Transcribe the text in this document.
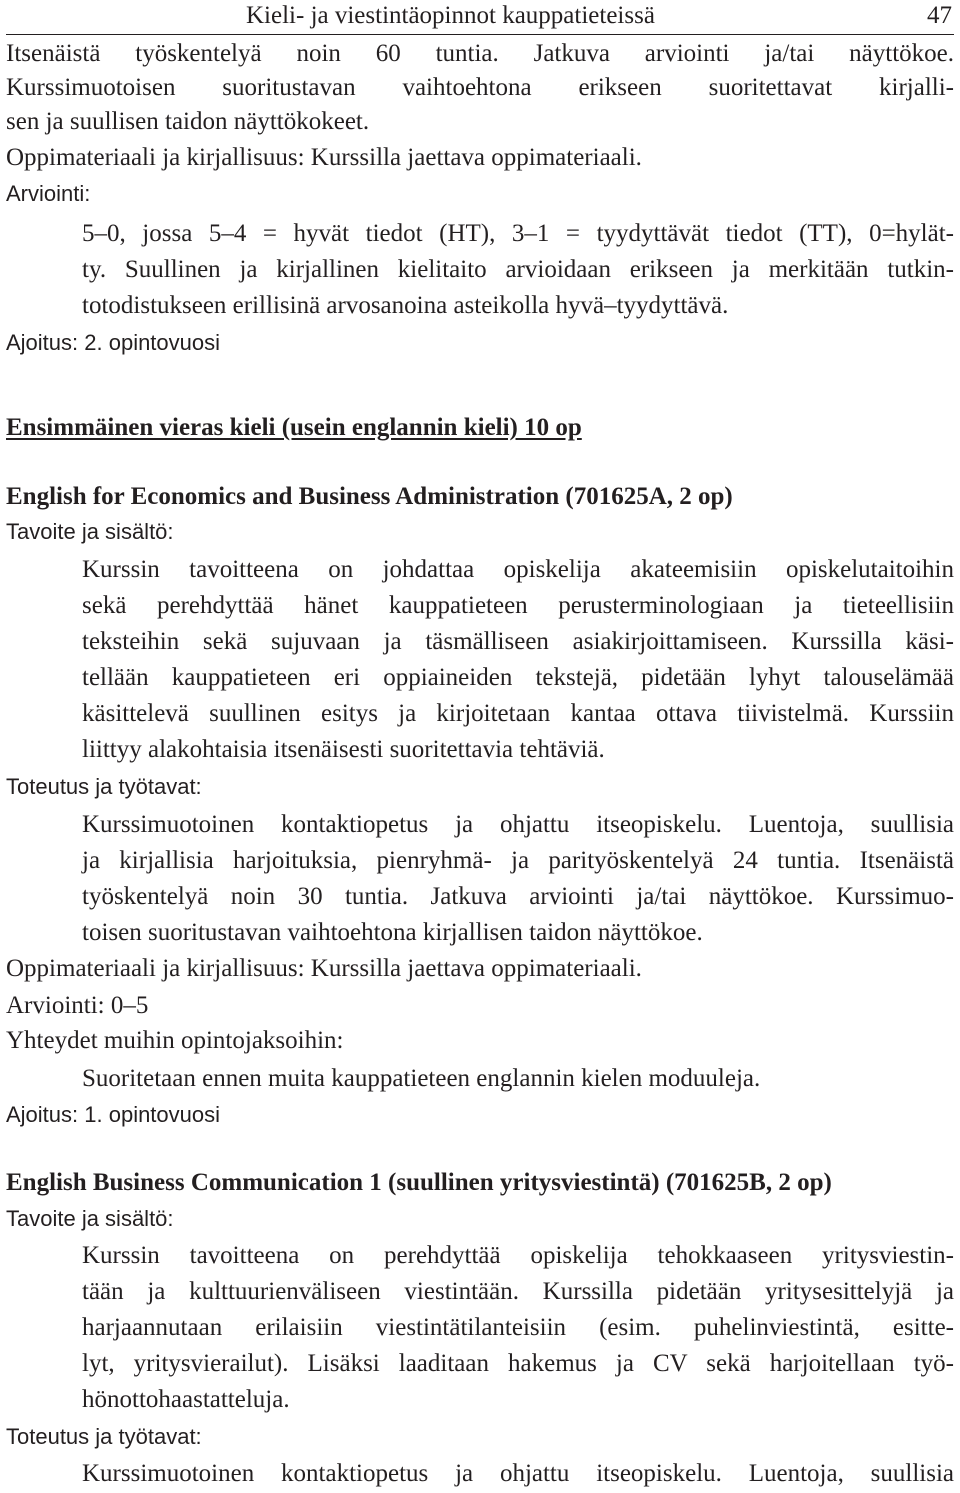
Kieli- ja viestintäopinnot kauppatieteissä	47
Itsenäistä työskentelyä noin 60 tuntia. Jatkuva arviointi ja/tai näyttökoe.
Kurssimuotoisen suoritustavan vaihtoehtona erikseen suoritettavat kirjalli-
sen ja suullisen taidon näyttökokeet.
Oppimateriaali ja kirjallisuus: Kurssilla jaettava oppimateriaali.
Arviointi:
5–0, jossa 5–4 = hyvät tiedot (HT), 3–1 = tyydyttävät tiedot (TT), 0=hylät-
ty. Suullinen ja kirjallinen kielitaito arvioidaan erikseen ja merkitään tutkin-
totodistukseen erillisinä arvosanoina asteikolla hyvä–tyydyttävä.
Ajoitus: 2. opintovuosi
Ensimmäinen vieras kieli (usein englannin kieli) 10 op
English for Economics and Business Administration (701625A, 2 op)
Tavoite ja sisältö:
Kurssin tavoitteena on johdattaa opiskelija akateemisiin opiskelutaitoihin
sekä perehdyttää hänet kauppatieteen perusterminologiaan ja tieteellisiin
teksteihin sekä sujuvaan ja täsmälliseen asiakirjoittamiseen. Kurssilla käsi-
tellään kauppatieteen eri oppiaineiden tekstejä, pidetään lyhyt talouselämää
käsittelevä suullinen esitys ja kirjoitetaan kantaa ottava tiivistelmä. Kurssiin
liittyy alakohtaisia itsenäisesti suoritettavia tehtäviä.
Toteutus ja työtavat:
Kurssimuotoinen kontaktiopetus ja ohjattu itseopiskelu. Luentoja, suullisia
ja kirjallisia harjoituksia, pienryhmä- ja parityöskentelyä 24 tuntia. Itsenäistä
työskentelyä noin 30 tuntia. Jatkuva arviointi ja/tai näyttökoe. Kurssimuo-
toisen suoritustavan vaihtoehtona kirjallisen taidon näyttökoe.
Oppimateriaali ja kirjallisuus: Kurssilla jaettava oppimateriaali.
Arviointi: 0–5
Yhteydet muihin opintojaksoihin:
Suoritetaan ennen muita kauppatieteen englannin kielen moduuleja.
Ajoitus: 1. opintovuosi
English Business Communication 1 (suullinen yritysviestintä) (701625B, 2 op)
Tavoite ja sisältö:
Kurssin tavoitteena on perehdyttää opiskelija tehokkaaseen yritysviestin-
tään ja kulttuurienväliseen viestintään. Kurssilla pidetään yritysesittelyjä ja
harjaannutaan erilaisiin viestintätilanteisiin (esim. puhelinviestintä, esitte-
lyt, yritysvierailut). Lisäksi laaditaan hakemus ja CV sekä harjoitellaan työ-
hönottohaastatteluja.
Toteutus ja työtavat:
Kurssimuotoinen kontaktiopetus ja ohjattu itseopiskelu. Luentoja, suullisia
